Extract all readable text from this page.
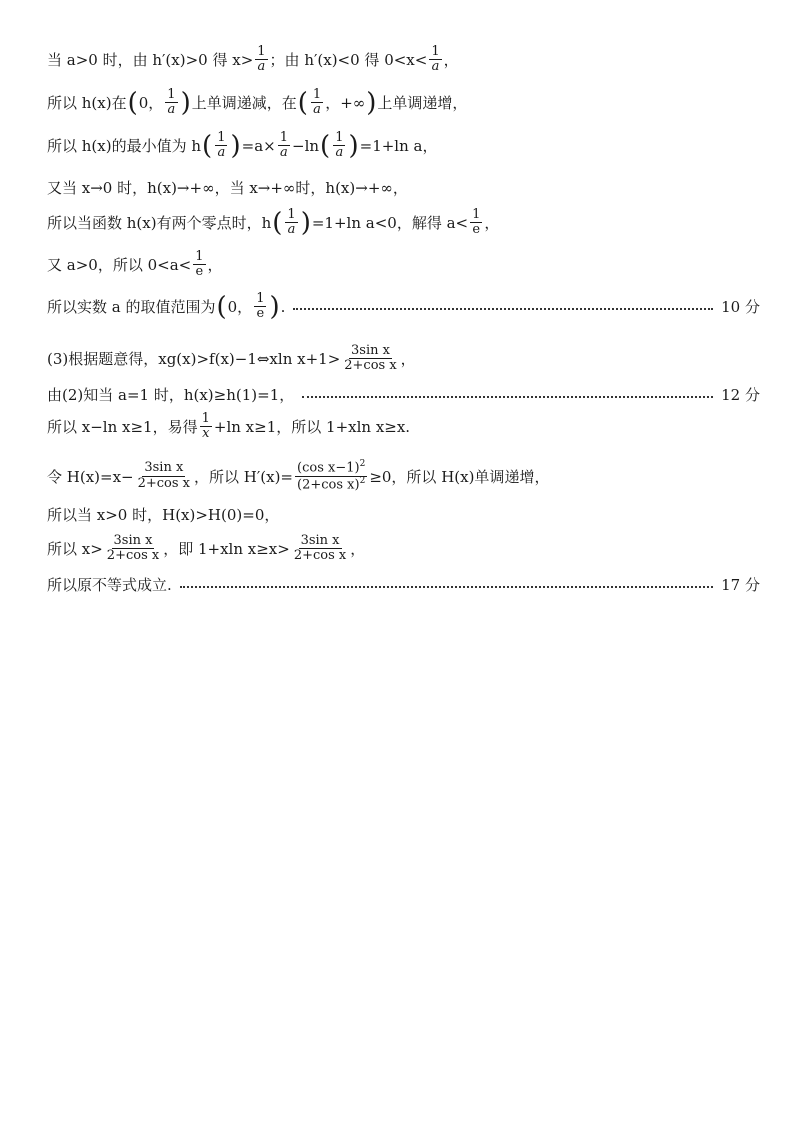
当 a>0 时，由 h′(x)>0 得 $x> \frac{1}{a}$ ；由 h′(x)<0 得 $0<x< \frac{1}{a}$ ，
所以 h(x)在 ( 0， $\frac{1}{a}$ ) 上单调递减，在 ( $\frac{1}{a}$ ，+∞ ) 上单调递增，
所以 h(x)的最小值为 h ( $\frac{1}{a}$ ) $=a\times \frac{1}{a} -\ln$ ( $\frac{1}{a}$ ) =1+ln a，
又当 x→0 时，h(x)→+∞，当 x→+∞时，h(x)→+∞，
所以当函数 h(x)有两个零点时，h ( $\frac{1}{a}$ ) =1+ln a<0，解得 $a< \frac{1}{e}$ ，
又 a>0，所以 $0<a< \frac{1}{e}$ ，
所以实数 a 的取值范围为 ( 0， $\frac{1}{e}$ ) .	10 分
(3)根据题意得，xg(x)>f(x)−1⇔xln $x+1> \frac{\text{3sin x}}{\text{2+cos x}}$ ，
由(2)知当 a=1 时，h(x)≥h(1)=1，	12 分
所以 x−ln x≥1，易得 $\frac{1}{x} +\ln$ x≥1，所以 1+xln x≥x.
令 $H(x)=x- \frac{\text{3sin x}}{\text{2+cos x}}$ ，所以 $H'(x)= \frac{(\cos x-1)^2}{(2+\cos x)^2} \ge 0$，所以 H(x)单调递增，
所以当 x>0 时，H(x)>H(0)=0，
所以 $x> \frac{\text{3sin x}}{\text{2+cos x}}$ ，即 1+xln $x\ge x> \frac{\text{3sin x}}{\text{2+cos x}}$ ，
所以原不等式成立.	17 分
